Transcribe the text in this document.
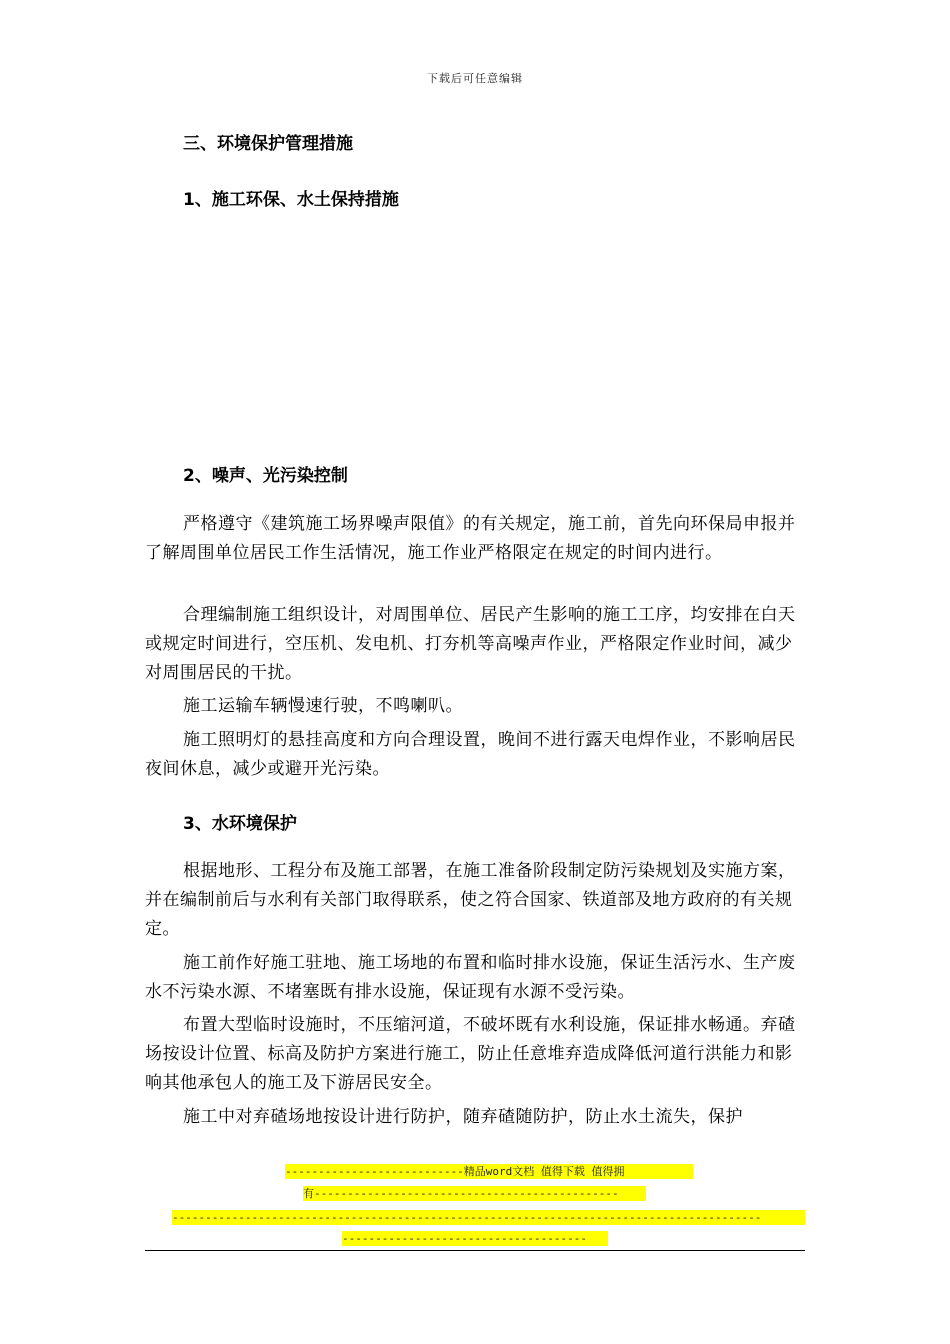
下载后可任意编辑
三、环境保护管理措施
1、施工环保、水土保持措施
2、噪声、光污染控制
严格遵守《建筑施工场界噪声限值》的有关规定，施工前，首先向环保局申报并了解周围单位居民工作生活情况，施工作业严格限定在规定的时间内进行。
合理编制施工组织设计，对周围单位、居民产生影响的施工工序，均安排在白天或规定时间进行，空压机、发电机、打夯机等高噪声作业，严格限定作业时间，减少对周围居民的干扰。
施工运输车辆慢速行驶，不鸣喇叭。
施工照明灯的悬挂高度和方向合理设置，晚间不进行露天电焊作业，不影响居民夜间休息，减少或避开光污染。
3、水环境保护
根据地形、工程分布及施工部署，在施工准备阶段制定防污染规划及实施方案，并在编制前后与水利有关部门取得联系，使之符合国家、铁道部及地方政府的有关规定。
施工前作好施工驻地、施工场地的布置和临时排水设施，保证生活污水、生产废水不污染水源、不堵塞既有排水设施，保证现有水源不受污染。
布置大型临时设施时，不压缩河道，不破坏既有水利设施，保证排水畅通。弃碴场按设计位置、标高及防护方案进行施工，防止任意堆弃造成降低河道行洪能力和影响其他承包人的施工及下游居民安全。
施工中对弃碴场地按设计进行防护，随弃碴随防护，防止水土流失，保护
---------------------------精品word文档 值得下载 值得拥
有----------------------------------------------
-----------------------------------------------------------------------------------------
-------------------------------------
